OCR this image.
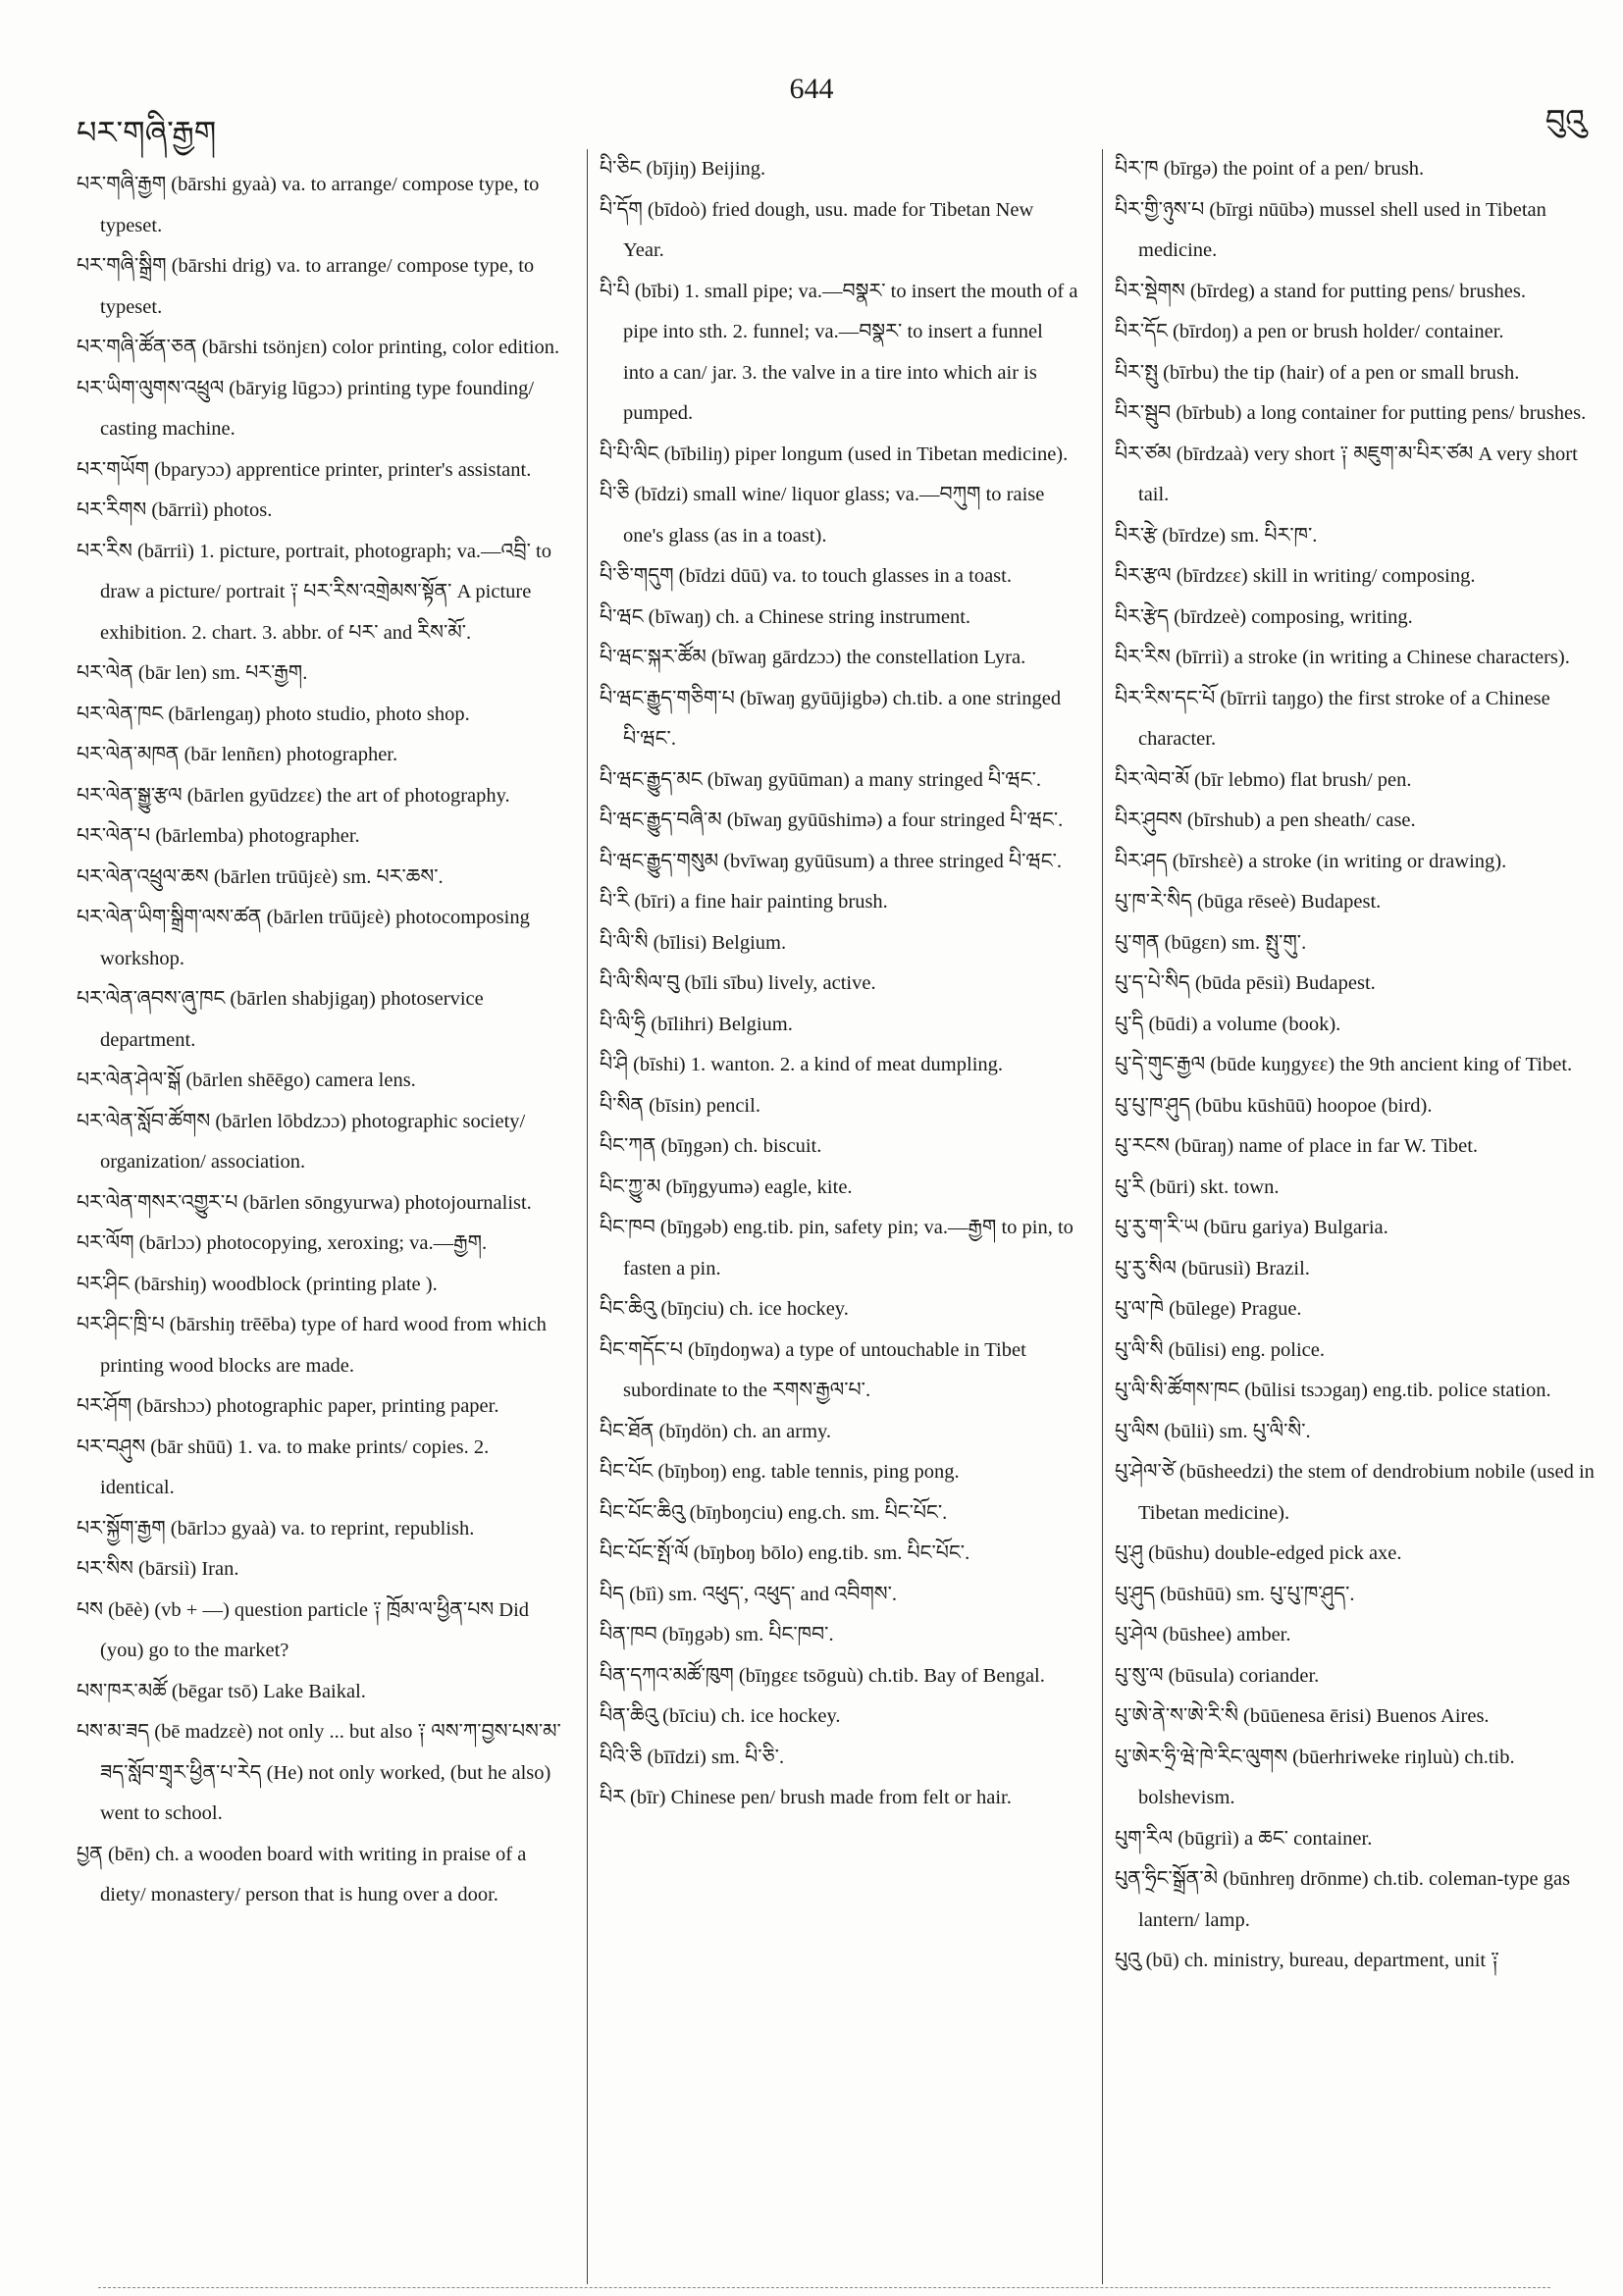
པར་གཞི་རྒྱག
644
བུའུ

པར་གཞི་རྒྱག (bārshi gyaà) va. to arrange/ compose type, to typeset.

པར་གཞི་སྒྲིག (bārshi drig) va. to arrange/ compose type, to typeset.

པར་གཞི་ཚོན་ཅན (bārshi tsönjɛn) color printing, color edition.

པར་ཡིག་ལུགས་འཕྲུལ (bāryig lūgɔɔ) printing type founding/ casting machine.

པར་གཡོག (bparyɔɔ) apprentice printer, printer's assistant.

པར་རིགས (bārriì) photos.

པར་རིས (bārriì) 1. picture, portrait, photograph; va.—འབྲི་ to draw a picture/ portrait ༑ པར་རིས་འགྲེམས་སྟོན་ A picture exhibition. 2. chart. 3. abbr. of པར་ and རིས་མོ་.

པར་ལེན (bār len) sm. པར་རྒྱག.

པར་ལེན་ཁང (bārlengaŋ) photo studio, photo shop.

པར་ལེན་མཁན (bār lenñɛn) photographer.

པར་ལེན་སྒྱུ་རྩལ (bārlen gyūdzɛɛ) the art of photography.

པར་ལེན་པ (bārlemba) photographer.

པར་ལེན་འཕྲུལ་ཆས (bārlen trūūjɛè) sm. པར་ཆས་.

པར་ལེན་ཡིག་སྒྲིག་ལས་ཚན (bārlen trūūjɛè) photocomposing workshop.

པར་ལེན་ཞབས་ཞུ་ཁང (bārlen shabjigaŋ) photoservice department.

པར་ལེན་ཤེལ་སྒོ (bārlen shēēgo) camera lens.

པར་ལེན་སློབ་ཚོགས (bārlen lōbdzɔɔ) photographic society/ organization/ association.

པར་ལེན་གསར་འགྱུར་པ (bārlen sōngyurwa) photojournalist.

པར་ལོག (bārlɔɔ) photocopying, xeroxing; va.—རྒྱག.

པར་ཤིང (bārshiŋ) woodblock (printing plate ).

པར་ཤིང་ཁྲི་པ (bārshiŋ trēēba) type of hard wood from which printing wood blocks are made.

པར་ཤོག (bārshɔɔ) photographic paper, printing paper.

པར་བཤུས (bār shūū) 1. va. to make prints/ copies. 2. identical.

པར་སྐྱོག་རྒྱག (bārlɔɔ gyaà) va. to reprint, republish.

པར་སིས (bārsiì) Iran.

པས (bēè) (vb + —) question particle ༑ ཁྲོམ་ལ་ཕྱིན་པས Did (you) go to the market?

པས་ཁར་མཚོ (bēgar tsō) Lake Baikal.

པས་མ་ཟད (bē madzɛè) not only ... but also ༑ ལས་ཀ་བྱས་པས་མ་ཟད་སློབ་གྲྭར་ཕྱིན་པ་རེད (He) not only worked, (but he also) went to school.

པྱན (bēn) ch. a wooden board with writing in praise of a diety/ monastery/ person that is hung over a door.

པི་ཅིང (bījiŋ) Beijing.

པི་དོག (bīdoò) fried dough, usu. made for Tibetan New Year.

པི་པི (bībi) 1. small pipe; va.—བསྣར་ to insert the mouth of a pipe into sth. 2. funnel; va.—བསྣར་ to insert a funnel into a can/ jar. 3. the valve in a tire into which air is pumped.

པི་པི་ལིང (bībiliŋ) piper longum (used in Tibetan medicine).

པི་ཅི (bīdzi) small wine/ liquor glass; va.—བཀུག to raise one's glass (as in a toast).

པི་ཅི་གདུག (bīdzi dūū) va. to touch glasses in a toast.

པི་ཝང (bīwaŋ) ch. a Chinese string instrument.

པི་ཝང་སྐར་ཚོམ (bīwaŋ gārdzɔɔ) the constellation Lyra.

པི་ཝང་རྒྱུད་གཅིག་པ (bīwaŋ gyūūjigbə) ch.tib. a one stringed པི་ཝང་.

པི་ཝང་རྒྱུད་མང (bīwaŋ gyūūman) a many stringed པི་ཝང་.

པི་ཝང་རྒྱུད་བཞི་མ (bīwaŋ gyūūshimə) a four stringed པི་ཝང་.

པི་ཝང་རྒྱུད་གསུམ (bvīwaŋ gyūūsum) a three stringed པི་ཝང་.

པི་རི (bīri) a fine hair painting brush.

པི་ལི་སི (bīlisi) Belgium.

པི་ལི་སིལ་བུ (bīli sību) lively, active.

པི་ལི་ཧྲི (bīlihri) Belgium.

པི་ཤི (bīshi) 1. wanton. 2. a kind of meat dumpling.

པི་སིན (bīsin) pencil.

པིང་ཀན (bīŋgən) ch. biscuit.

པིང་ཀྱུ་མ (bīŋgyumə) eagle, kite.

པིང་ཁབ (bīŋgəb) eng.tib. pin, safety pin; va.—རྒྱག to pin, to fasten a pin.

པིང་ཆིའུ (bīŋciu) ch. ice hockey.

པིང་གདོང་པ (bīŋdoŋwa) a type of untouchable in Tibet subordinate to the རགས་རྒྱལ་པ་.

པིང་ཐོན (bīŋdön) ch. an army.

པིང་པོང (bīŋboŋ) eng. table tennis, ping pong.

པིང་པོང་ཆིའུ (bīŋboŋciu) eng.ch. sm. པིང་པོང་.

པིང་པོང་སྤོ་ལོ (bīŋboŋ bōlo) eng.tib. sm. པིང་པོང་.

པིད (bīì) sm. འཕུད་, འཕུད་ and འབིགས་.

པིན་ཁབ (bīŋgəb) sm. པིང་ཁབ་.

པིན་དཀའ་མཚོ་ཁུག (bīŋgɛɛ tsōguù) ch.tib. Bay of Bengal.

པིན་ཆིའུ (bīciu) ch. ice hockey.

པིའི་ཅི (bīīdzi) sm. པི་ཅི་.

པིར (bīr) Chinese pen/ brush made from felt or hair.

པིར་ཁ (bīrgə) the point of a pen/ brush.

པིར་གྱི་ཉུས་པ (bīrgi nūūbə) mussel shell used in Tibetan medicine.

པིར་སྡེགས (bīrdeg) a stand for putting pens/ brushes.

པིར་དོང (bīrdoŋ) a pen or brush holder/ container.

པིར་སྤུ (bīrbu) the tip (hair) of a pen or small brush.

པིར་སྦུབ (bīrbub) a long container for putting pens/ brushes.

པིར་ཙམ (bīrdzaà) very short ༑ མཇུག་མ་པིར་ཙམ A very short tail.

པིར་རྩེ (bīrdze) sm. པིར་ཁ་.

པིར་རྩལ (bīrdzɛɛ) skill in writing/ composing.

པིར་རྩེད (bīrdzeè) composing, writing.

པིར་རིས (bīrriì) a stroke (in writing a Chinese characters).

པིར་རིས་དང་པོ (bīrriì taŋgo) the first stroke of a Chinese character.

པིར་ལེབ་མོ (bīr lebmo) flat brush/ pen.

པིར་ཤུབས (bīrshub) a pen sheath/ case.

པིར་ཤད (bīrshɛè) a stroke (in writing or drawing).

པུ་ཁ་རེ་སིད (būga rēseè) Budapest.

པུ་གན (būgɛn) sm. སྤུ་གུ་.

པུ་ད་པེ་སིད (būda pēsiì) Budapest.

པུ་དི (būdi) a volume (book).

པུ་དེ་གུང་རྒྱལ (būde kuŋgyɛɛ) the 9th ancient king of Tibet.

པུ་པུ་ཁ་ཤུད (būbu kūshūū) hoopoe (bird).

པུ་རངས (būraŋ) name of place in far W. Tibet.

པུ་རི (būri) skt. town.

པུ་རུ་ག་རི་ཡ (būru gariya) Bulgaria.

པུ་རུ་སིལ (būrusiì) Brazil.

པུ་ལ་ཁེ (būlege) Prague.

པུ་ལི་སི (būlisi) eng. police.

པུ་ལི་སི་ཚོགས་ཁང (būlisi tsɔɔgaŋ) eng.tib. police station.

པུ་ལིས (būliì) sm. པུ་ལི་སི་.

པུ་ཤེལ་ཙེ (būsheedzi) the stem of dendrobium nobile (used in Tibetan medicine).

པུ་ཤུ (būshu) double-edged pick axe.

པུ་ཤུད (būshūū) sm. པུ་པུ་ཁ་ཤུད་.

པུ་ཤེལ (būshee) amber.

པུ་སུ་ལ (būsula) coriander.

པུ་ཨེ་ནེ་ས་ཨེ་རི་སི (būūenesa ērisi) Buenos Aires.

པུ་ཨེར་ཧྲི་ཝེ་ཁེ་རིང་ལུགས (būerhriweke riŋluù) ch.tib. bolshevism.

པུག་རིལ (būgriì) a ཆང་ container.

པུན་ཧྲིང་སྒྲོན་མེ (būnhreŋ drōnme) ch.tib. coleman-type gas lantern/ lamp.

པུའུ (bū) ch. ministry, bureau, department, unit ༑
